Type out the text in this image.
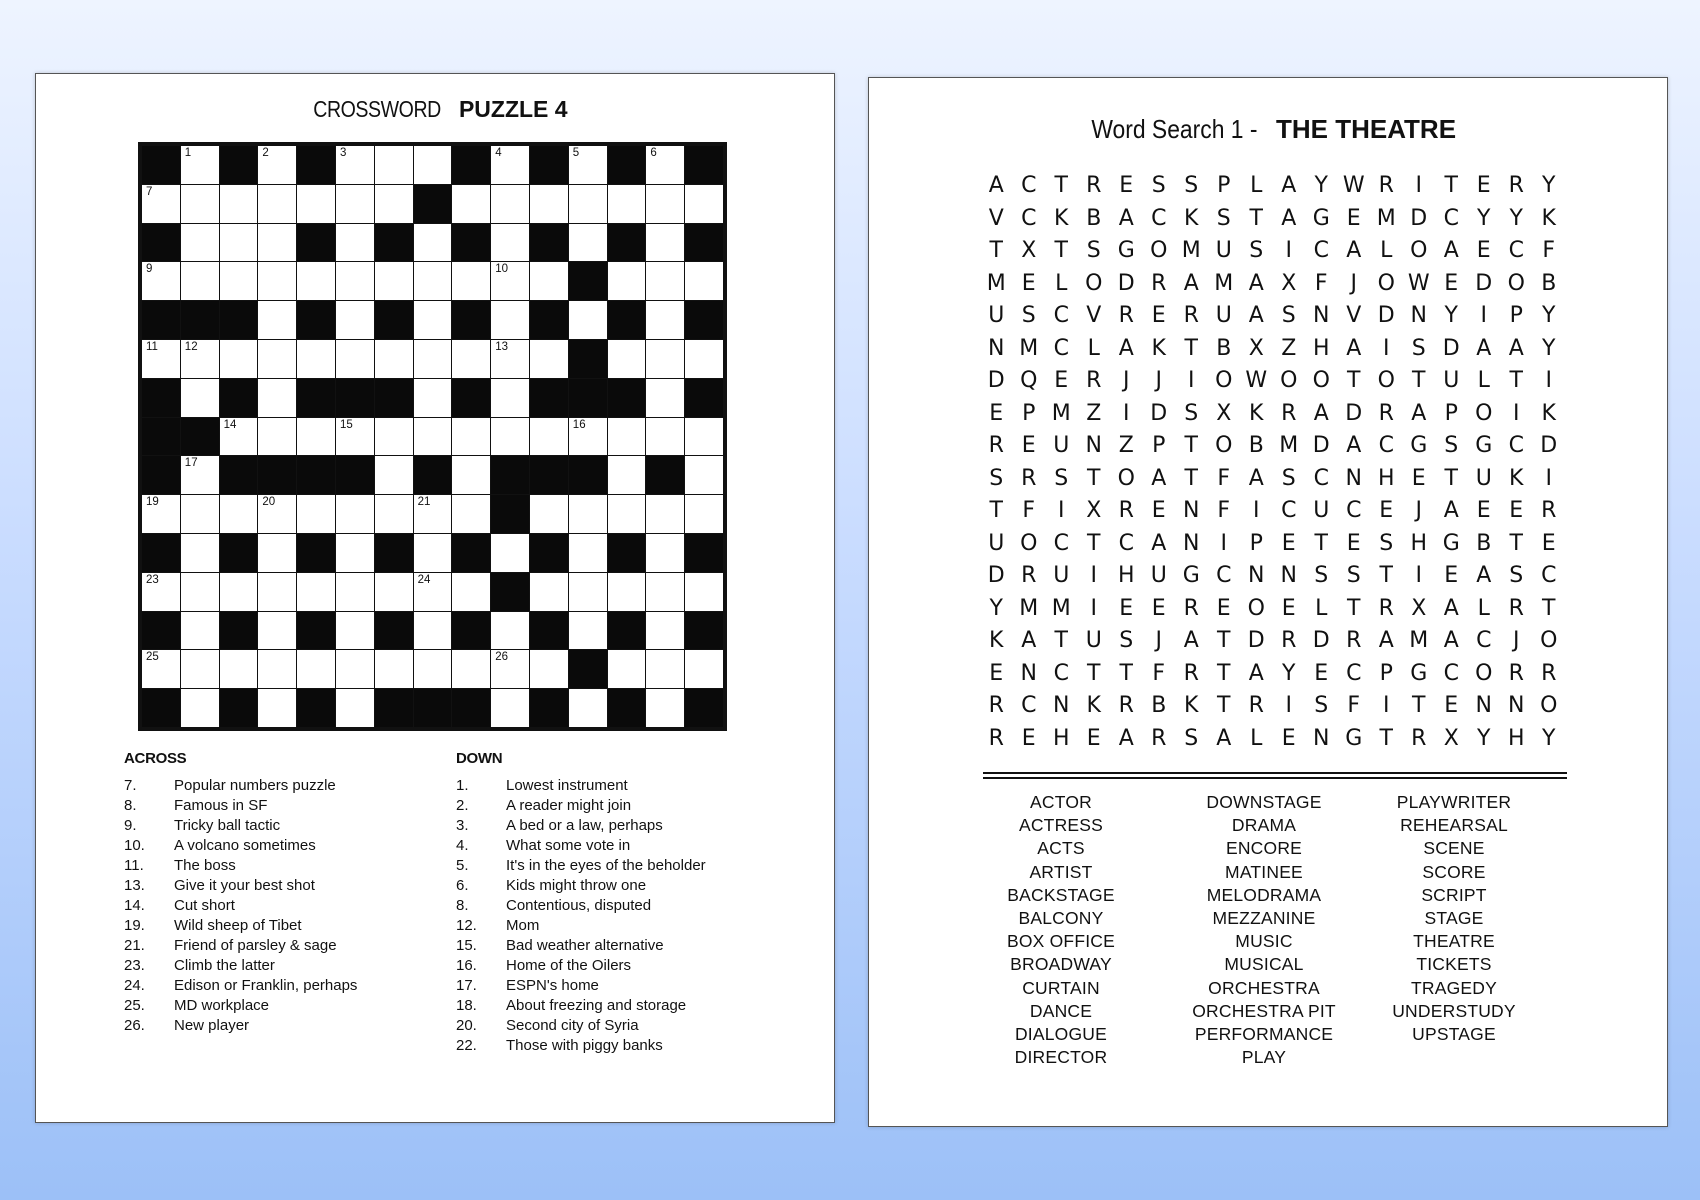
CROSSWORD PUZZLE 4
1	2	3	4	5	6
7
9	10
11 12	13
14	15	16
17
19	20	21
23	24
25	26
ACROSS
7.	Popular numbers puzzle
8.	Famous in SF
9.	Tricky ball tactic
10.	A volcano sometimes
11.	The boss
13.	Give it your best shot
14.	Cut short
19.	Wild sheep of Tibet
21.	Friend of parsley & sage
23.	Climb the latter
24.	Edison or Franklin, perhaps
25.	MD workplace
26.	New player
DOWN
1.	Lowest instrument
2.	A reader might join
3.	A bed or a law, perhaps
4.	What some vote in
5.	It's in the eyes of the beholder
6.	Kids might throw one
8.	Contentious, disputed
12.	Mom
15.	Bad weather alternative
16.	Home of the Oilers
17.	ESPN's home
18.	About freezing and storage
20.	Second city of Syria
22.	Those with piggy banks
Word Search 1 - THE THEATRE
A C T R E S S P L A Y W R I	T E R Y
V C K B A C K S T A G E M D C Y Y K
T X T S G O M U S	I C A L O A E C F
M E L O D R A M A X F	J O W E D O B
U S C V R E R U A S N V D N Y	I	P Y
N M C L A K T B X Z H A I	S D A A Y
D Q E R J	J	I O W O O T O T U L T	I
E P M Z I D S X K R A D R A P O I	K
R E U N Z P T O B M D A C G S G C D
S R S T O A T F A S C N H E T U K	I
T F	I X R E N F	I C U C E	J A E E R
U O C T C A N I	P E T E S H G B T E
D R U I H U G C N N S S T	I	E A S C
Y M M I	E E R E O E L T R X A L R T
K A T U S	J A T D R D R A M A C J O
E N C T T F R T A Y E C P G C O R R
R C N K R B K T R I	S F	I	T E N N O
R E H E A R S A L E N G T R X Y H Y
ACTOR
ACTRESS
ACTS
ARTIST
BACKSTAGE
BALCONY
BOX OFFICE
BROADWAY
CURTAIN
DANCE
DIALOGUE
DIRECTOR
DOWNSTAGE
DRAMA
ENCORE
MATINEE
MELODRAMA
MEZZANINE
MUSIC
MUSICAL
ORCHESTRA
ORCHESTRA PIT
PERFORMANCE
PLAY
PLAYWRITER
REHEARSAL
SCENE
SCORE
SCRIPT
STAGE
THEATRE
TICKETS
TRAGEDY
UNDERSTUDY
UPSTAGE
